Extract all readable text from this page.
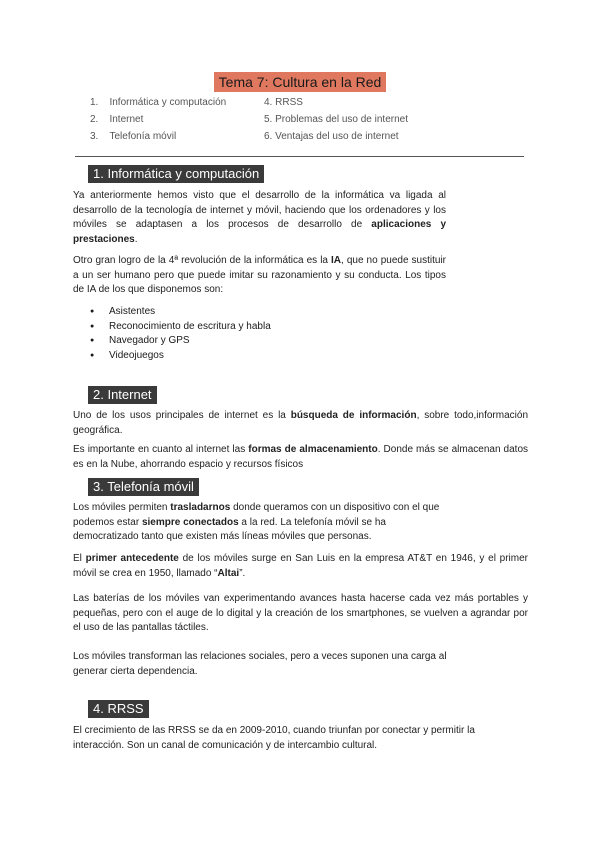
Tema 7: Cultura en la Red
1. Informática y computación
2. Internet
3. Telefonía móvil
4. RRSS
5. Problemas del uso de internet
6. Ventajas del uso de internet
1. Informática y computación
Ya anteriormente hemos visto que el desarrollo de la informática va ligada al desarrollo de la tecnología de internet y móvil, haciendo que los ordenadores y los móviles se adaptasen a los procesos de desarrollo de aplicaciones y prestaciones.
Otro gran logro de la 4ª revolución de la informática es la IA, que no puede sustituir a un ser humano pero que puede imitar su razonamiento y su conducta. Los tipos de IA de los que disponemos son:
● Asistentes
● Reconocimiento de escritura y habla
● Navegador y GPS
● Videojuegos
2. Internet
Uno de los usos principales de internet es la búsqueda de información, sobre todo,información geográfica.
Es importante en cuanto al internet las formas de almacenamiento. Donde más se almacenan datos es en la Nube, ahorrando espacio y recursos físicos
3. Telefonía móvil
Los móviles permiten trasladarnos donde queramos con un dispositivo con el que podemos estar siempre conectados a la red. La telefonía móvil se ha democratizado tanto que existen más líneas móviles que personas.
El primer antecedente de los móviles surge en San Luis en la empresa AT&T en 1946, y el primer móvil se crea en 1950, llamado “Altai”.
Las baterías de los móviles van experimentando avances hasta hacerse cada vez más portables y pequeñas, pero con el auge de lo digital y la creación de los smartphones, se vuelven a agrandar por el uso de las pantallas táctiles.
Los móviles transforman las relaciones sociales, pero a veces suponen una carga al generar cierta dependencia.
4. RRSS
El crecimiento de las RRSS se da en 2009-2010, cuando triunfan por conectar y permitir la interacción. Son un canal de comunicación y de intercambio cultural.
